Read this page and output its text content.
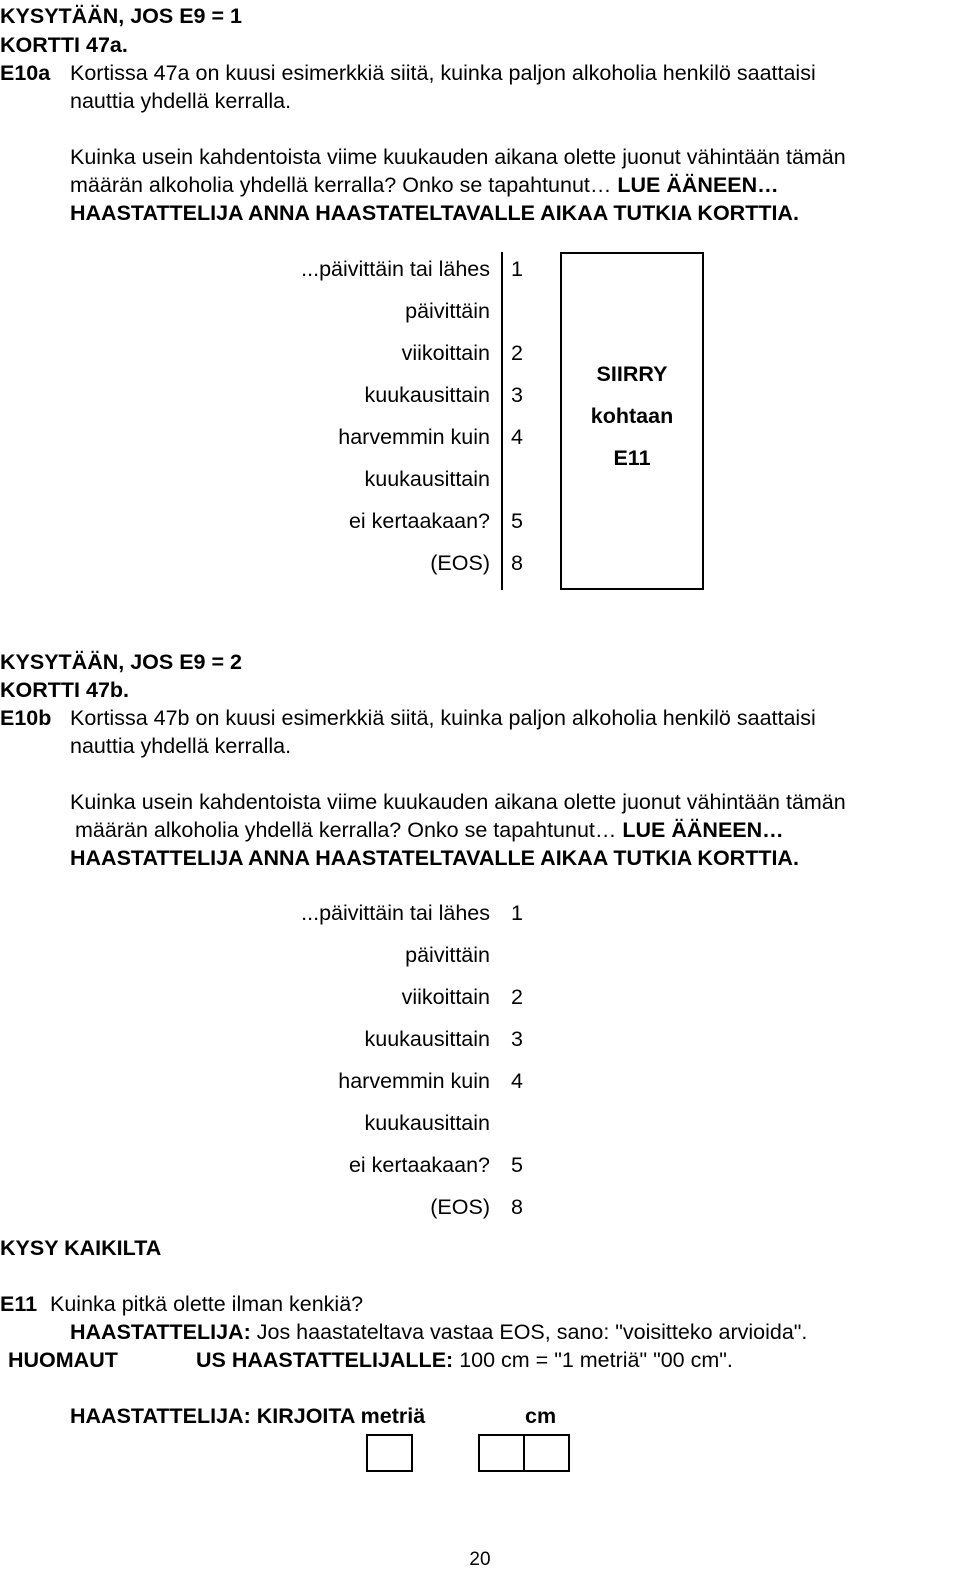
KYSYTÄÄN, JOS E9 = 1
KORTTI 47a.
E10a Kortissa 47a on kuusi esimerkkiä siitä, kuinka paljon alkoholia henkilö saattaisi
nauttia yhdellä kerralla.
Kuinka usein kahdentoista viime kuukauden aikana olette juonut vähintään tämän
määrän alkoholia yhdellä kerralla? Onko se tapahtunut… LUE ÄÄNEEN…
HAASTATTELIJA ANNA HAASTATELTAVALLE AIKAA TUTKIA KORTTIA.
...päivittäin tai lähes
päivittäin
1
viikoittain 2
kuukausittain 3
harvemmin kuin
kuukausittain
4
ei kertaakaan? 5
(EOS) 8
SIIRRY
kohtaan
E11
KYSYTÄÄN, JOS E9 = 2
KORTTI 47b.
E10b Kortissa 47b on kuusi esimerkkiä siitä, kuinka paljon alkoholia henkilö saattaisi
nauttia yhdellä kerralla.
Kuinka usein kahdentoista viime kuukauden aikana olette juonut vähintään tämän
määrän alkoholia yhdellä kerralla? Onko se tapahtunut… LUE ÄÄNEEN…
HAASTATTELIJA ANNA HAASTATELTAVALLE AIKAA TUTKIA KORTTIA.
...päivittäin tai lähes
päivittäin
1
viikoittain 2
kuukausittain 3
harvemmin kuin
kuukausittain
4
ei kertaakaan? 5
(EOS) 8
KYSY KAIKILTA
E11 Kuinka pitkä olette ilman kenkiä?
HAASTATTELIJA: Jos haastateltava vastaa EOS, sano: "voisitteko arvioida".
HUOMAUT	US HAASTATTELIJALLE: 100 cm = "1 metriä" "00 cm".
HAASTATTELIJA: KIRJOITA metriä	cm
20
